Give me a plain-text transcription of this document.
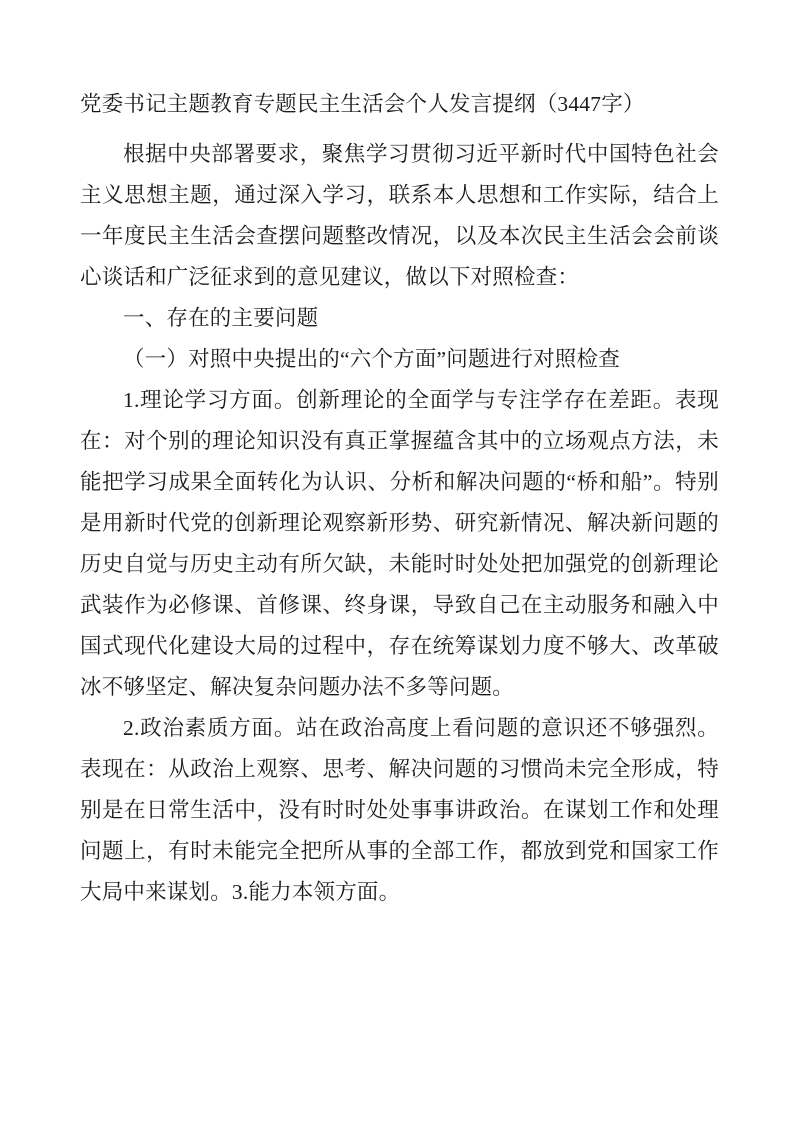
党委书记主题教育专题民主生活会个人发言提纲（3447字）

根据中央部署要求，聚焦学习贯彻习近平新时代中国特色社会主义思想主题，通过深入学习，联系本人思想和工作实际，结合上一年度民主生活会查摆问题整改情况，以及本次民主生活会会前谈心谈话和广泛征求到的意见建议，做以下对照检查：

一、存在的主要问题

（一）对照中央提出的“六个方面”问题进行对照检查

1.理论学习方面。创新理论的全面学与专注学存在差距。表现在：对个别的理论知识没有真正掌握蕴含其中的立场观点方法，未能把学习成果全面转化为认识、分析和解决问题的“桥和船”。特别是用新时代党的创新理论观察新形势、研究新情况、解决新问题的历史自觉与历史主动有所欠缺，未能时时处处把加强党的创新理论武装作为必修课、首修课、终身课，导致自己在主动服务和融入中国式现代化建设大局的过程中，存在统筹谋划力度不够大、改革破冰不够坚定、解决复杂问题办法不多等问题。

2.政治素质方面。站在政治高度上看问题的意识还不够强烈。表现在：从政治上观察、思考、解决问题的习惯尚未完全形成，特别是在日常生活中，没有时时处处事事讲政治。在谋划工作和处理问题上，有时未能完全把所从事的全部工作，都放到党和国家工作大局中来谋划。3.能力本领方面。
